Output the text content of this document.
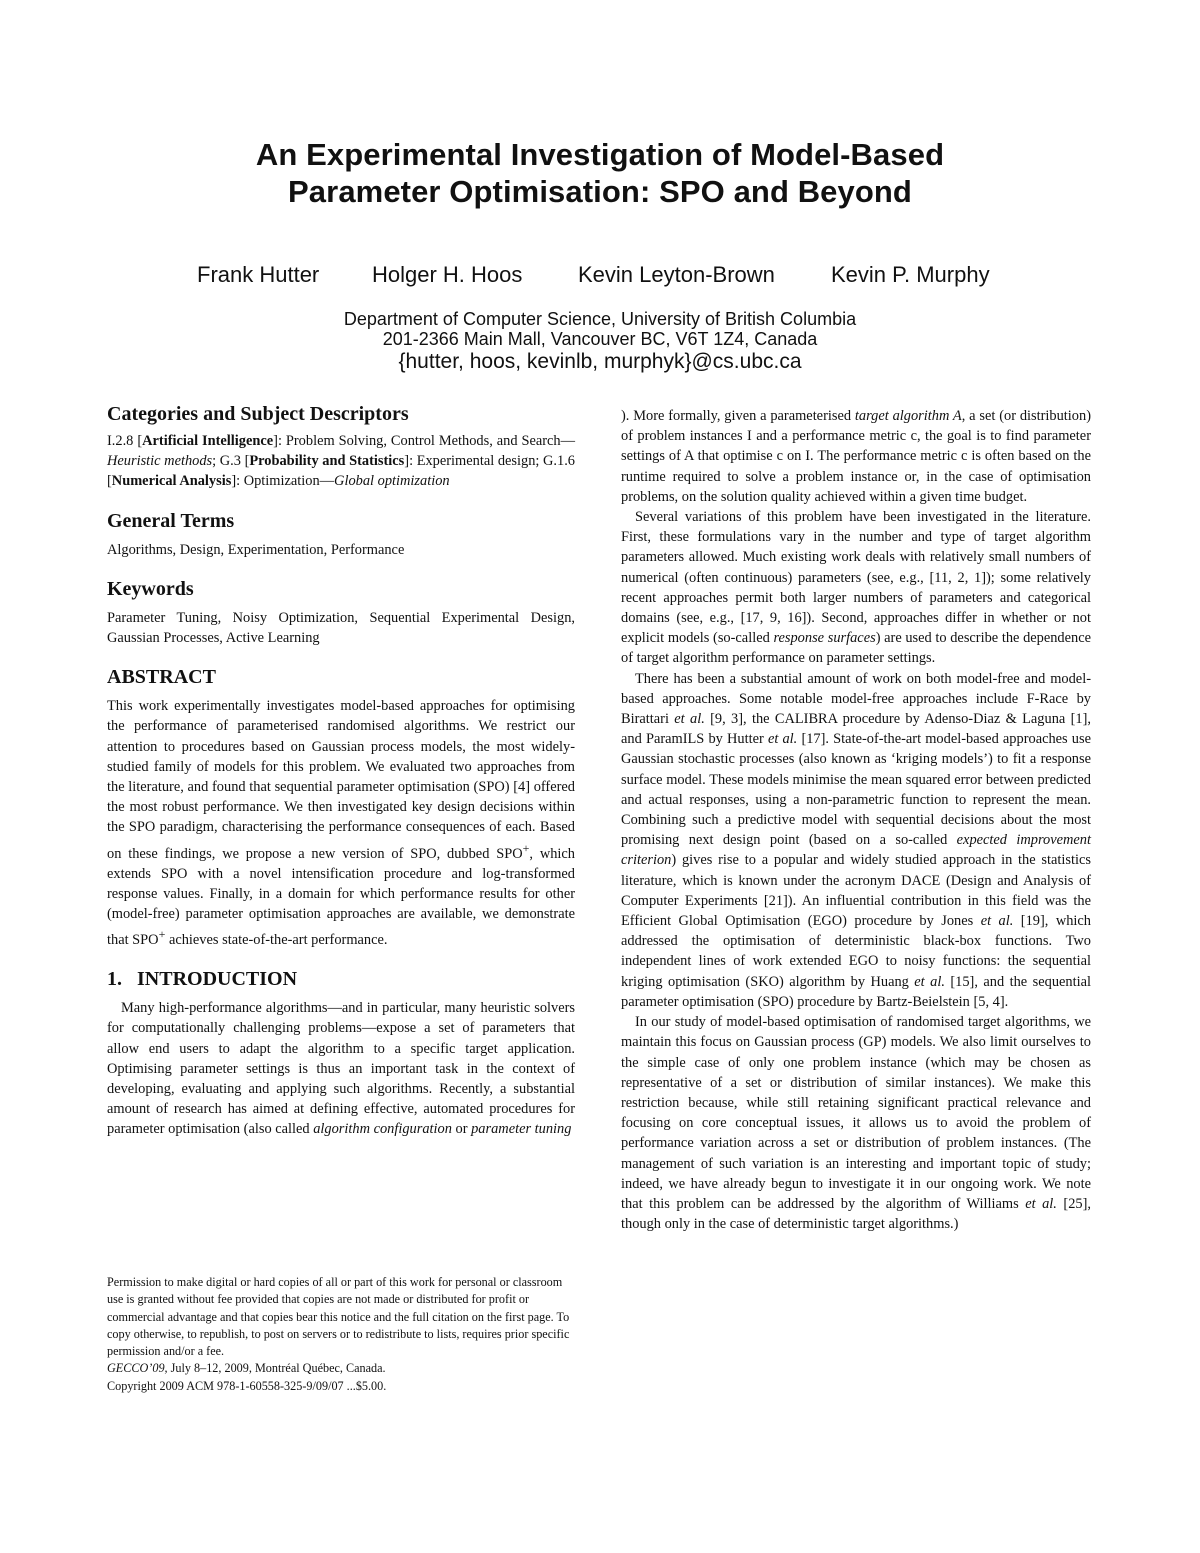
An Experimental Investigation of Model-Based
Parameter Optimisation: SPO and Beyond
Frank Hutter Holger H. Hoos	Kevin Leyton-Brown	Kevin P. Murphy
Department of Computer Science, University of British Columbia
201-2366 Main Mall, Vancouver BC, V6T 1Z4, Canada
{hutter, hoos, kevinlb, murphyk}@cs.ubc.ca
Categories and Subject Descriptors

I.2.8 [Artificial Intelligence]: Problem Solving, Control Methods, and Search—Heuristic methods; G.3 [Probability and Statistics]: Experimental design; G.1.6 [Numerical Analysis]: Optimization—Global optimization

General Terms

Algorithms, Design, Experimentation, Performance

Keywords

Parameter Tuning, Noisy Optimization, Sequential Experimental Design, Gaussian Processes, Active Learning

ABSTRACT

This work experimentally investigates model-based approaches for optimising the performance of parameterised randomised algorithms. We restrict our attention to procedures based on Gaussian process models, the most widely-studied family of models for this problem. We evaluated two approaches from the literature, and found that sequential parameter optimisation (SPO) [4] offered the most robust performance. We then investigated key design decisions within the SPO paradigm, characterising the performance consequences of each. Based on these findings, we propose a new version of SPO, dubbed SPO+, which extends SPO with a novel intensification procedure and log-transformed response values. Finally, in a domain for which performance results for other (model-free) parameter optimisation approaches are available, we demonstrate that SPO+ achieves state-of-the-art performance.

1.   INTRODUCTION

Many high-performance algorithms—and in particular, many heuristic solvers for computationally challenging problems—expose a set of parameters that allow end users to adapt the algorithm to a specific target application. Optimising parameter settings is thus an important task in the context of developing, evaluating and applying such algorithms. Recently, a substantial amount of research has aimed at defining effective, automated procedures for parameter optimisation (also called algorithm configuration or parameter tuning

). More formally, given a parameterised target algorithm A, a set (or distribution) of problem instances I and a performance metric c, the goal is to find parameter settings of A that optimise c on I. The performance metric c is often based on the runtime required to solve a problem instance or, in the case of optimisation problems, on the solution quality achieved within a given time budget.

Several variations of this problem have been investigated in the literature. First, these formulations vary in the number and type of target algorithm parameters allowed. Much existing work deals with relatively small numbers of numerical (often continuous) parameters (see, e.g., [11, 2, 1]); some relatively recent approaches permit both larger numbers of parameters and categorical domains (see, e.g., [17, 9, 16]). Second, approaches differ in whether or not explicit models (so-called response surfaces) are used to describe the dependence of target algorithm performance on parameter settings.

There has been a substantial amount of work on both model-free and model-based approaches. Some notable model-free approaches include F-Race by Birattari et al. [9, 3], the CALIBRA procedure by Adenso-Diaz & Laguna [1], and ParamILS by Hutter et al. [17]. State-of-the-art model-based approaches use Gaussian stochastic processes (also known as ‘kriging models’) to fit a response surface model. These models minimise the mean squared error between predicted and actual responses, using a non-parametric function to represent the mean. Combining such a predictive model with sequential decisions about the most promising next design point (based on a so-called expected improvement criterion) gives rise to a popular and widely studied approach in the statistics literature, which is known under the acronym DACE (Design and Analysis of Computer Experiments [21]). An influential contribution in this field was the Efficient Global Optimisation (EGO) procedure by Jones et al. [19], which addressed the optimisation of deterministic black-box functions. Two independent lines of work extended EGO to noisy functions: the sequential kriging optimisation (SKO) algorithm by Huang et al. [15], and the sequential parameter optimisation (SPO) procedure by Bartz-Beielstein [5, 4].

In our study of model-based optimisation of randomised target algorithms, we maintain this focus on Gaussian process (GP) models. We also limit ourselves to the simple case of only one problem instance (which may be chosen as representative of a set or distribution of similar instances). We make this restriction because, while still retaining significant practical relevance and focusing on core conceptual issues, it allows us to avoid the problem of performance variation across a set or distribution of problem instances. (The management of such variation is an interesting and important topic of study; indeed, we have already begun to investigate it in our ongoing work. We note that this problem can be addressed by the algorithm of Williams et al. [25], though only in the case of deterministic target algorithms.)

Permission to make digital or hard copies of all or part of this work for personal or classroom use is granted without fee provided that copies are not made or distributed for profit or commercial advantage and that copies bear this notice and the full citation on the first page. To copy otherwise, to republish, to post on servers or to redistribute to lists, requires prior specific permission and/or a fee.

GECCO’09, July 8–12, 2009, Montréal Québec, Canada.

Copyright 2009 ACM 978-1-60558-325-9/09/07 ...$5.00.
